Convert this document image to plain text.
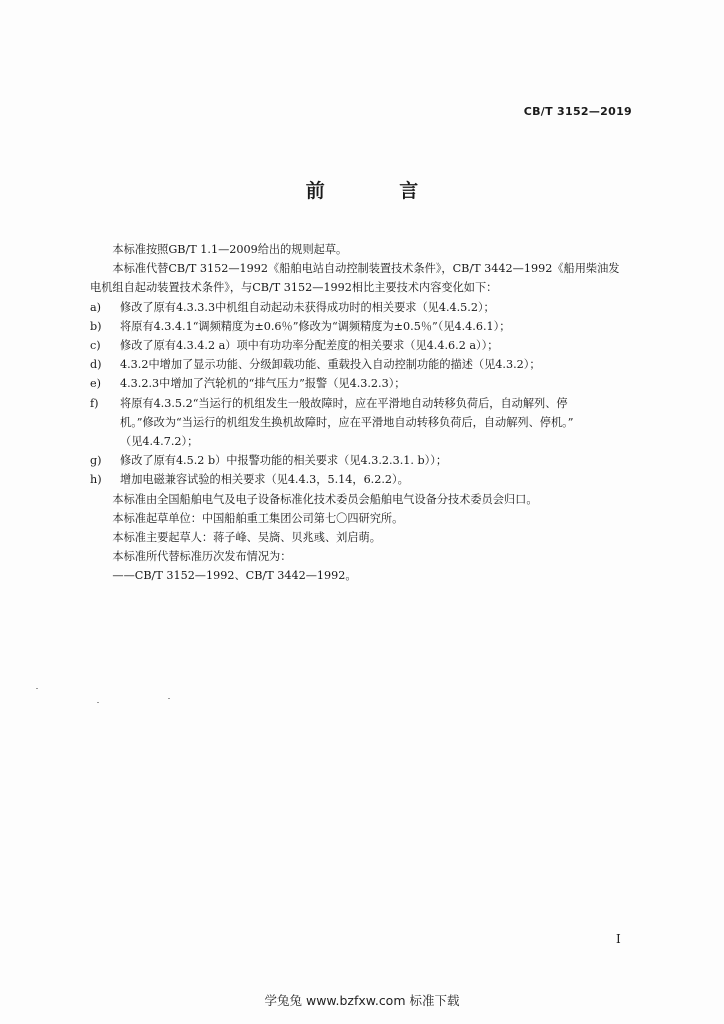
CB/T 3152—2019
前 言

本标准按照GB/T 1.1—2009给出的规则起草。

本标准代替CB/T 3152—1992《船舶电站自动控制装置技术条件》，CB/T 3442—1992《船用柴油发

电机组自起动装置技术条件》，与CB/T 3152—1992相比主要技术内容变化如下：

a)	修改了原有4.3.3.3中机组自动起动未获得成功时的相关要求（见4.4.5.2）；
b)	将原有4.3.4.1“调频精度为±0.6％”修改为“调频精度为±0.5％”（见4.4.6.1）；
c)	修改了原有4.3.4.2 a）项中有功功率分配差度的相关要求（见4.4.6.2 a））；
d)	4.3.2中增加了显示功能、分级卸载功能、重载投入自动控制功能的描述（见4.3.2）；
e)	4.3.2.3中增加了汽轮机的“排气压力”报警（见4.3.2.3）；
f)	将原有4.3.5.2“当运行的机组发生一般故障时，应在平滑地自动转移负荷后，自动解列、停
机。”修改为“当运行的机组发生换机故障时，应在平滑地自动转移负荷后，自动解列、停机。”
（见4.4.7.2）；
g)	修改了原有4.5.2 b）中报警功能的相关要求（见4.3.2.3.1. b））；
h)	增加电磁兼容试验的相关要求（见4.4.3，5.14，6.2.2）。

本标准由全国船舶电气及电子设备标准化技术委员会船舶电气设备分技术委员会归口。

本标准起草单位：中国船舶重工集团公司第七〇四研究所。

本标准主要起草人：蒋子峰、吴旖、贝兆彧、刘启萌。

本标准所代替标准历次发布情况为：

——CB/T 3152—1992、CB/T 3442—1992。

I
学兔兔 www.bzfxw.com 标准下载
